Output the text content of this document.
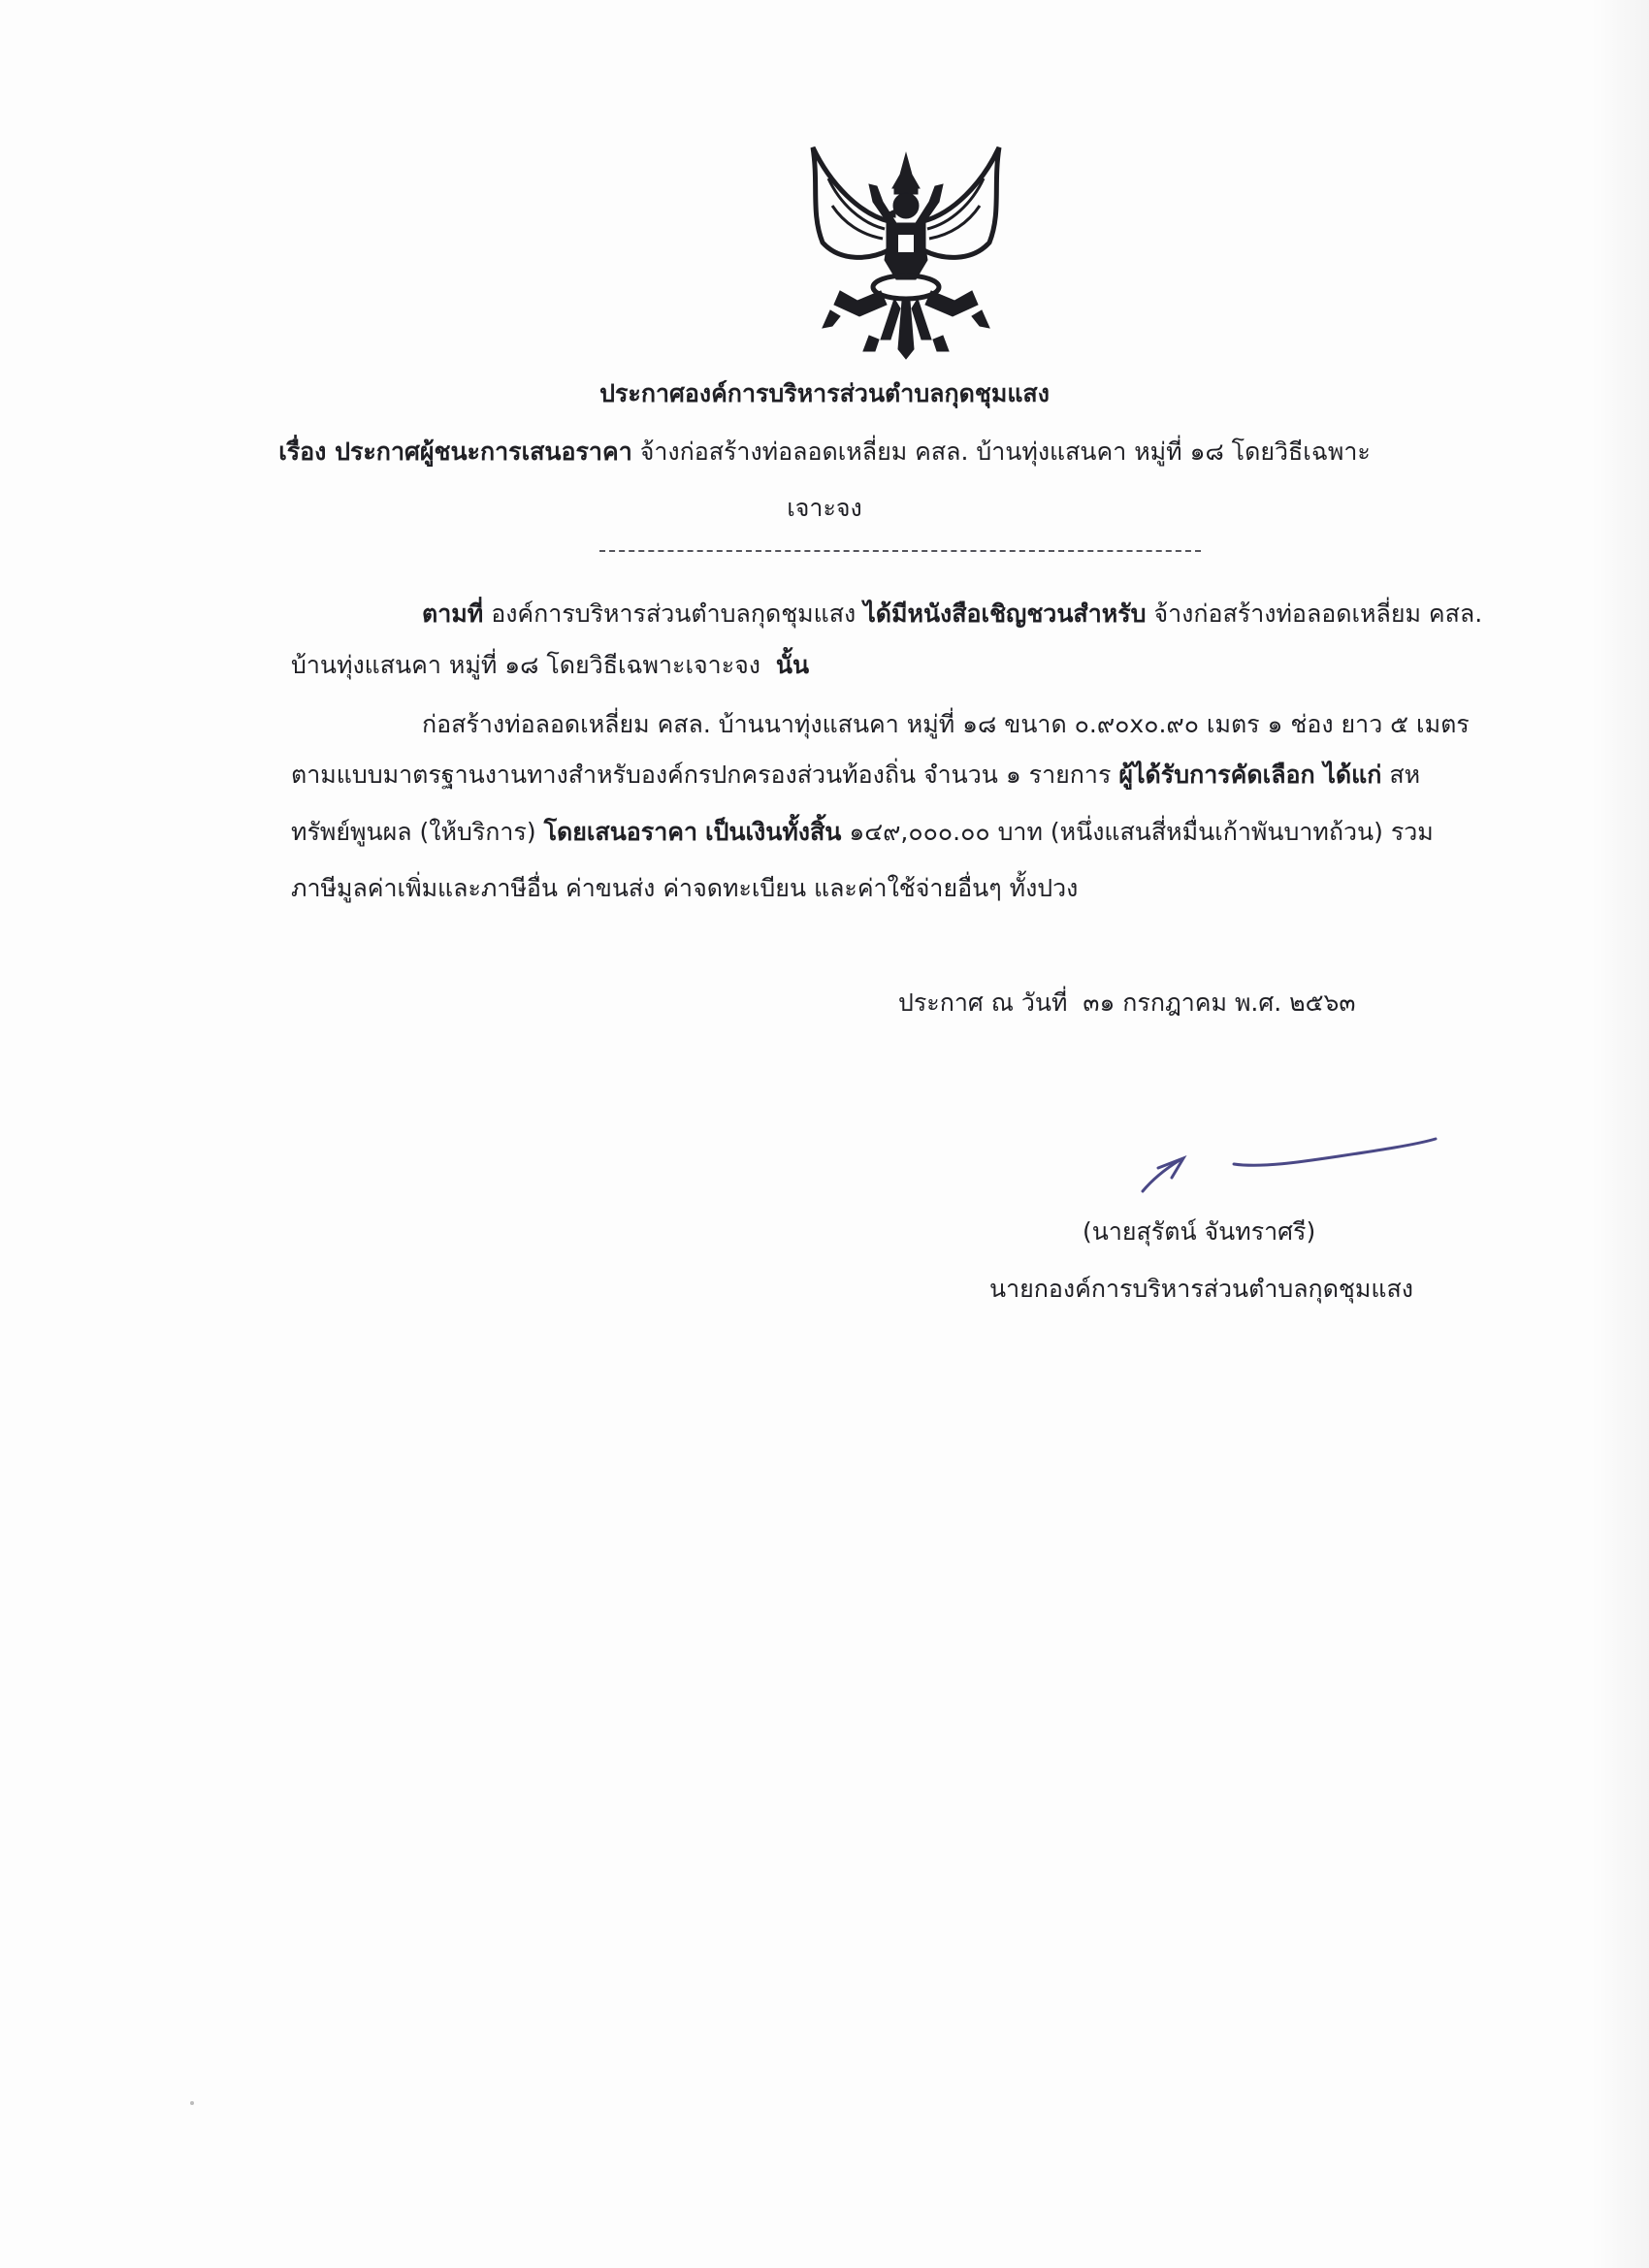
ประกาศองค์การบริหารส่วนตำบลกุดชุมแสง
เรื่อง ประกาศผู้ชนะการเสนอราคา จ้างก่อสร้างท่อลอดเหลี่ยม คสล. บ้านทุ่งแสนคา หมู่ที่ ๑๘ โดยวิธีเฉพาะ
เจาะจง
ตามที่ องค์การบริหารส่วนตำบลกุดชุมแสง ได้มีหนังสือเชิญชวนสำหรับ จ้างก่อสร้างท่อลอดเหลี่ยม คสล.
บ้านทุ่งแสนคา หมู่ที่ ๑๘ โดยวิธีเฉพาะเจาะจง นั้น
ก่อสร้างท่อลอดเหลี่ยม คสล. บ้านนาทุ่งแสนคา หมู่ที่ ๑๘ ขนาด ๐.๙๐x๐.๙๐ เมตร ๑ ช่อง ยาว ๕ เมตร
ตามแบบมาตรฐานงานทางสำหรับองค์กรปกครองส่วนท้องถิ่น จำนวน ๑ รายการ ผู้ได้รับการคัดเลือก ได้แก่ สห
ทรัพย์พูนผล (ให้บริการ) โดยเสนอราคา เป็นเงินทั้งสิ้น ๑๔๙,๐๐๐.๐๐ บาท (หนึ่งแสนสี่หมื่นเก้าพันบาทถ้วน) รวม
ภาษีมูลค่าเพิ่มและภาษีอื่น ค่าขนส่ง ค่าจดทะเบียน และค่าใช้จ่ายอื่นๆ ทั้งปวง
ประกาศ ณ วันที่ ๓๑ กรกฎาคม พ.ศ. ๒๕๖๓
(นายสุรัตน์ จันทราศรี)
นายกองค์การบริหารส่วนตำบลกุดชุมแสง
